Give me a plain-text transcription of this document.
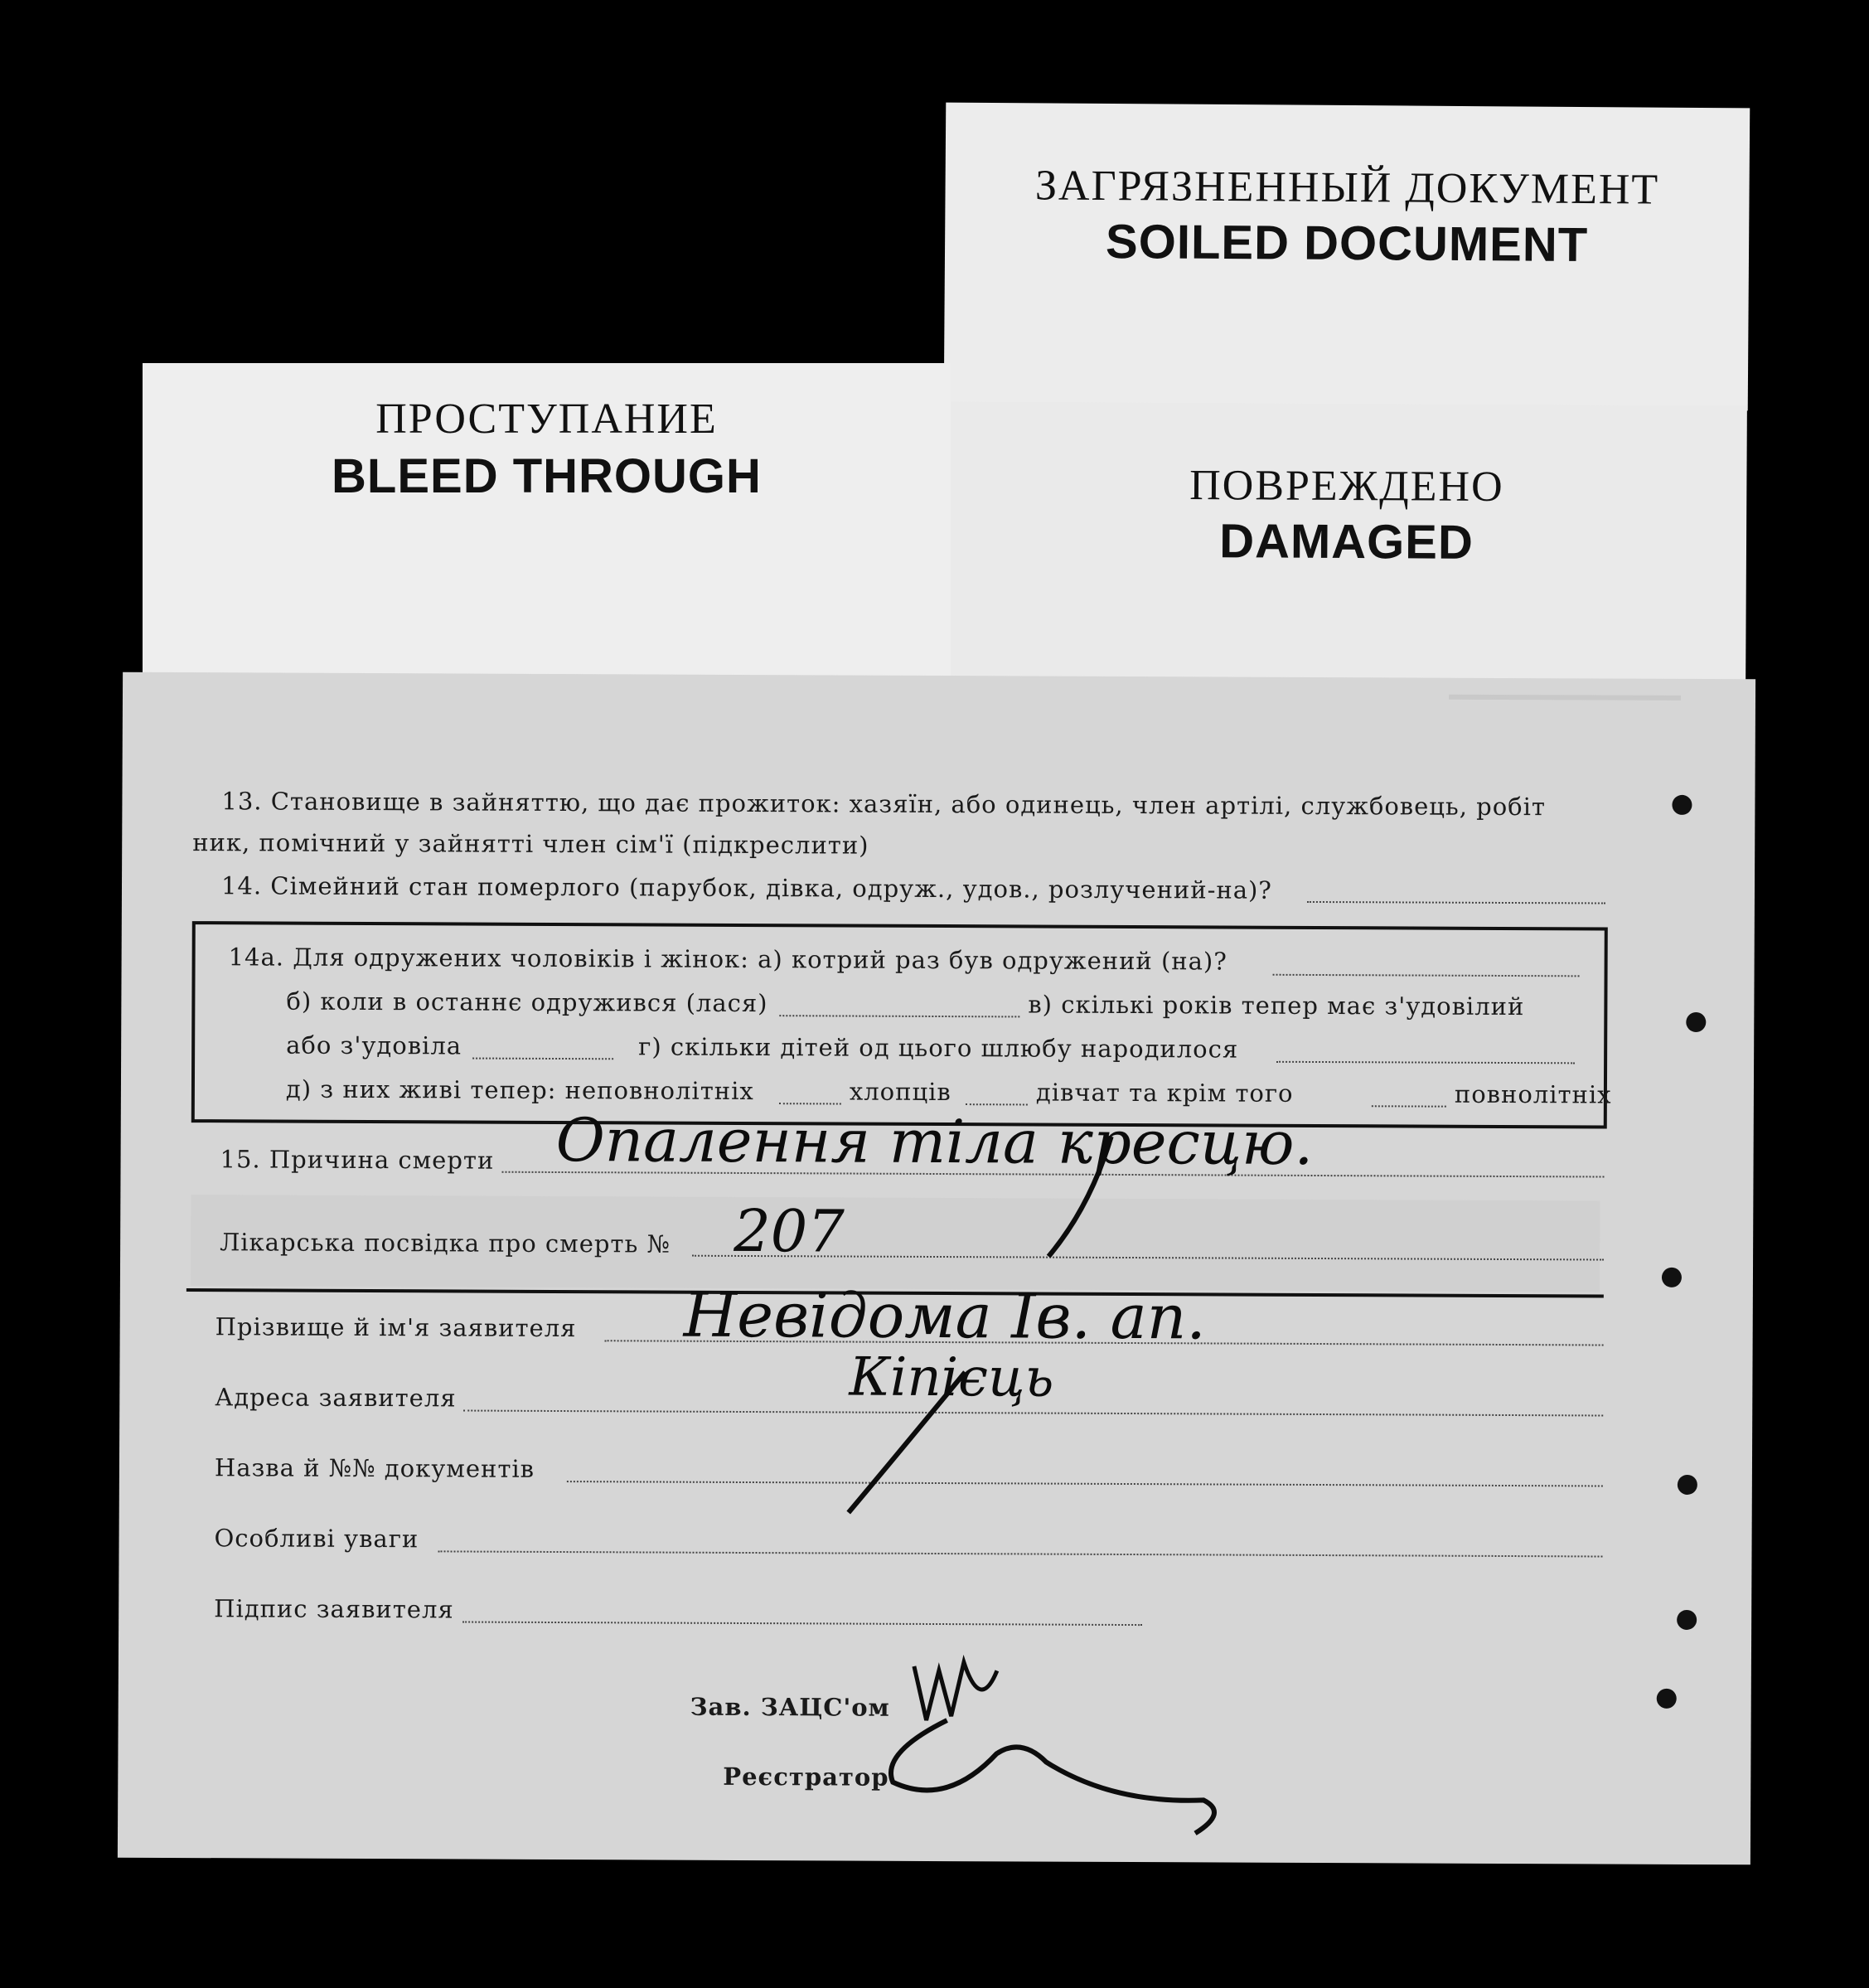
ЗАГРЯЗНЕННЫЙ ДОКУМЕНТ
SOILED DOCUMENT
ПОВРЕЖДЕНО
DAMAGED
ПРОСТУПАНИЕ
BLEED THROUGH
13. Становище в зайняттю, що дає прожиток: хазяїн, або одинець, член артілі, службовець, робіт
ник, помічний у зайнятті член сім'ї (підкреслити)
14. Сімейний стан померлого (парубок, дівка, одруж., удов., розлучений-на)?
14а. Для одружених чоловіків і жінок: а) котрий раз був одружений (на)?
б) коли в останнє одружився (лася)	в) скількі років тепер має з'удовілий
або з'удовіла	г) скільки дітей од цього шлюбу народилося
д) з них живі тепер: неповнолітніх	хлопців	дівчат та крім того	повнолітніх
15. Причина смерти Опалення тіла кресцю.
Лікарська посвідка про смерть № 207
Прізвище й ім'я заявителя Невідома Ів. ап.
Адреса заявителя	Кіпієць
Назва й №№ документів
Особливі уваги
Підпис заявителя
Зав. ЗАЦС'ом
Реєстратор
